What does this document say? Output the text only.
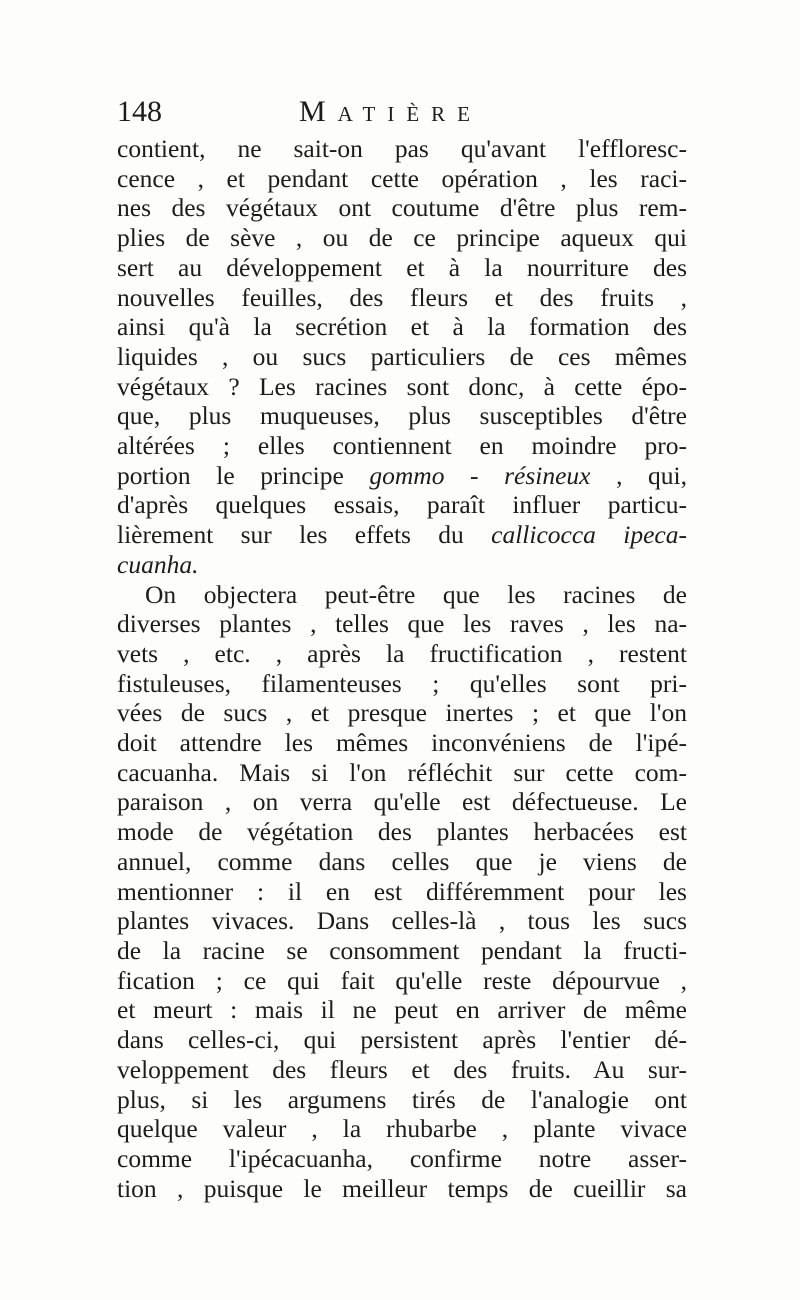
148	Matière
contient, ne sait-on pas qu'avant l'effloresc-
cence , et pendant cette opération , les raci-
nes des végétaux ont coutume d'être plus rem-
plies de sève , ou de ce principe aqueux qui
sert au développement et à la nourriture des
nouvelles feuilles, des fleurs et des fruits ,
ainsi qu'à la secrétion et à la formation des
liquides , ou sucs particuliers de ces mêmes
végétaux ? Les racines sont donc, à cette épo-
que, plus muqueuses, plus susceptibles d'être
altérées ; elles contiennent en moindre pro-
portion le principe gommo - résineux , qui,
d'après quelques essais, paraît influer particu-
lièrement sur les effets du callicocca ipeca-
cuanha.
On objectera peut-être que les racines de
diverses plantes , telles que les raves , les na-
vets , etc. , après la fructification , restent
fistuleuses, filamenteuses ; qu'elles sont pri-
vées de sucs , et presque inertes ; et que l'on
doit attendre les mêmes inconvéniens de l'ipé-
cacuanha. Mais si l'on réfléchit sur cette com-
paraison , on verra qu'elle est défectueuse. Le
mode de végétation des plantes herbacées est
annuel, comme dans celles que je viens de
mentionner : il en est différemment pour les
plantes vivaces. Dans celles-là , tous les sucs
de la racine se consomment pendant la fructi-
fication ; ce qui fait qu'elle reste dépourvue ,
et meurt : mais il ne peut en arriver de même
dans celles-ci, qui persistent après l'entier dé-
veloppement des fleurs et des fruits. Au sur-
plus, si les argumens tirés de l'analogie ont
quelque valeur , la rhubarbe , plante vivace
comme l'ipécacuanha, confirme notre asser-
tion , puisque le meilleur temps de cueillir sa
